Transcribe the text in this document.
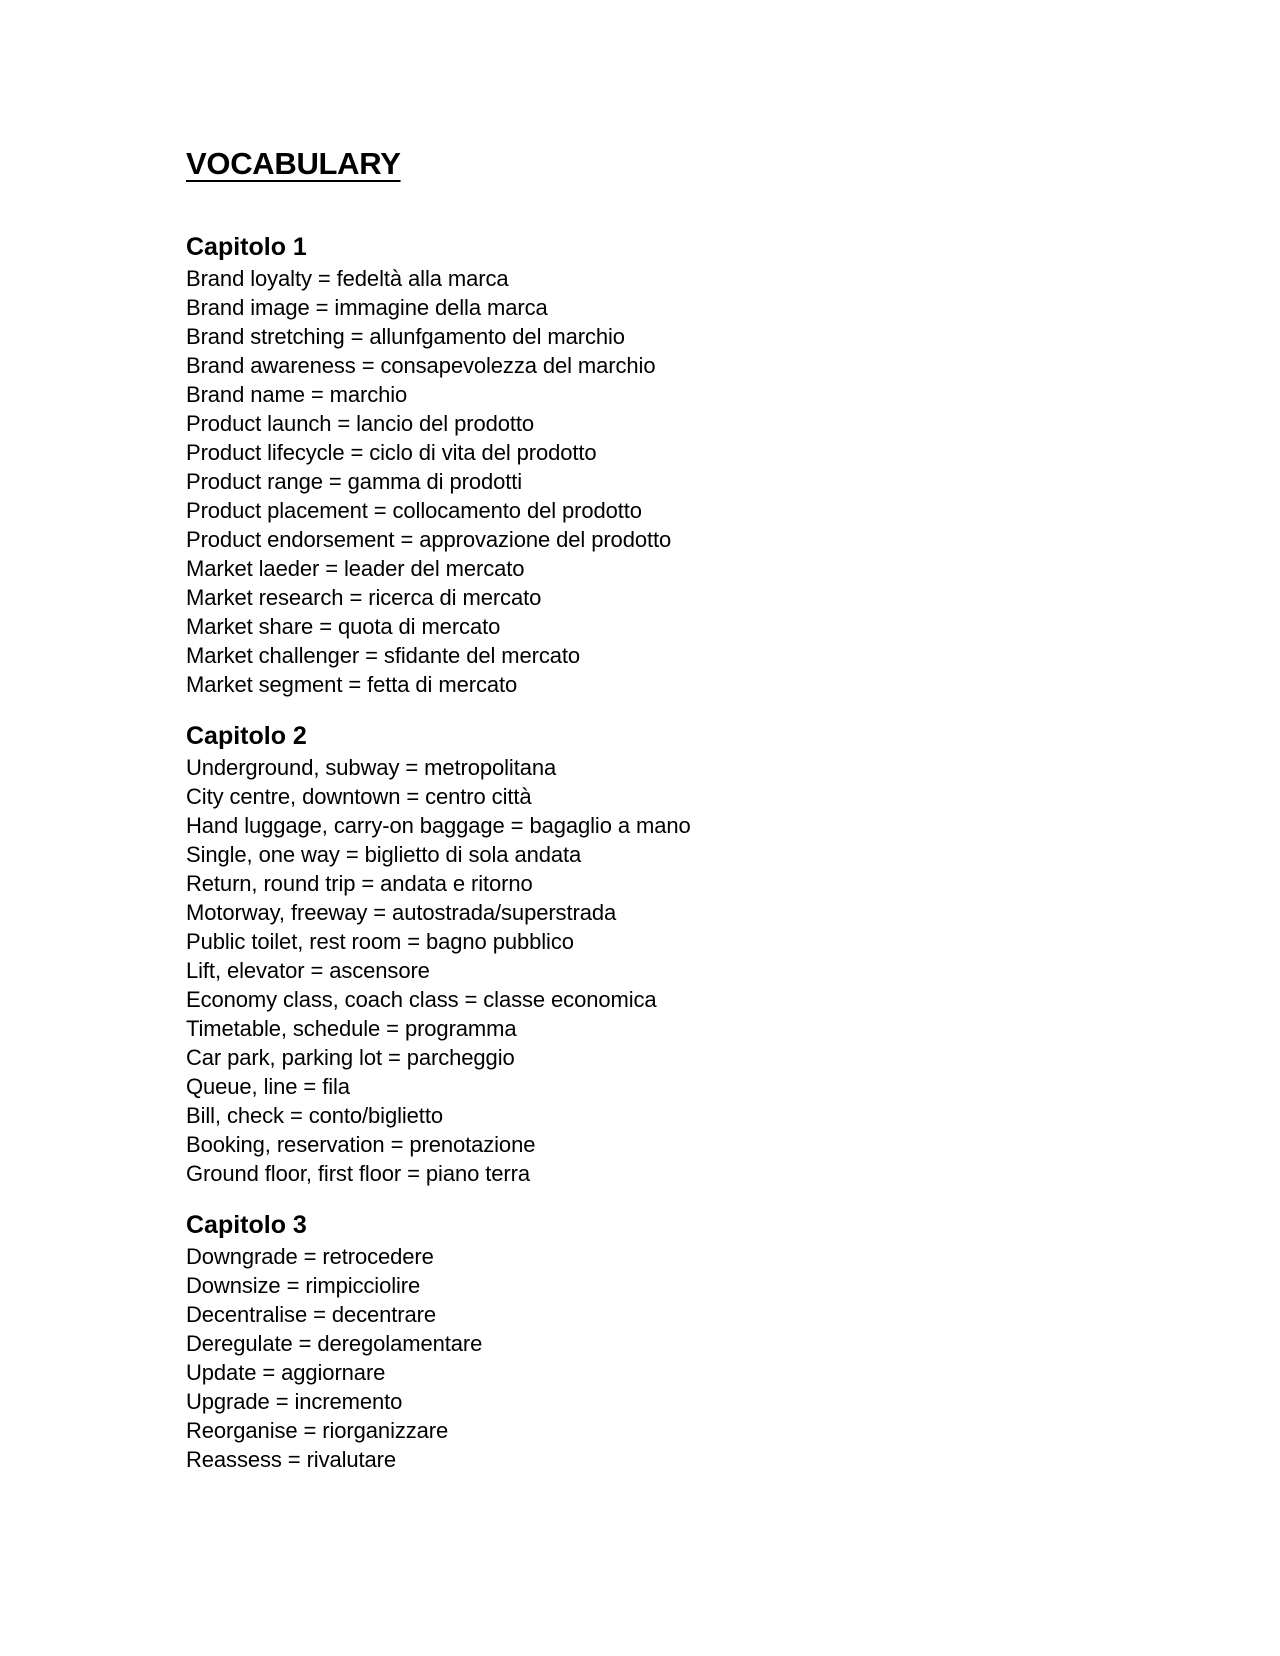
VOCABULARY
Capitolo 1
Brand loyalty = fedeltà alla marca
Brand image = immagine della marca
Brand stretching = allunfgamento del marchio
Brand awareness = consapevolezza del marchio
Brand name = marchio
Product launch = lancio del prodotto
Product lifecycle = ciclo di vita del prodotto
Product range = gamma di prodotti
Product placement = collocamento del prodotto
Product endorsement = approvazione del prodotto
Market laeder = leader del mercato
Market research = ricerca di mercato
Market share = quota di mercato
Market challenger = sfidante del mercato
Market segment = fetta di mercato
Capitolo 2
Underground, subway = metropolitana
City centre, downtown = centro città
Hand luggage, carry-on baggage = bagaglio a mano
Single, one way = biglietto di sola andata
Return, round trip = andata e ritorno
Motorway, freeway = autostrada/superstrada
Public toilet, rest room = bagno pubblico
Lift, elevator = ascensore
Economy class, coach class = classe economica
Timetable, schedule = programma
Car park, parking lot = parcheggio
Queue, line = fila
Bill, check = conto/biglietto
Booking, reservation = prenotazione
Ground floor, first floor = piano terra
Capitolo 3
Downgrade = retrocedere
Downsize = rimpicciolire
Decentralise = decentrare
Deregulate = deregolamentare
Update = aggiornare
Upgrade = incremento
Reorganise = riorganizzare
Reassess = rivalutare
